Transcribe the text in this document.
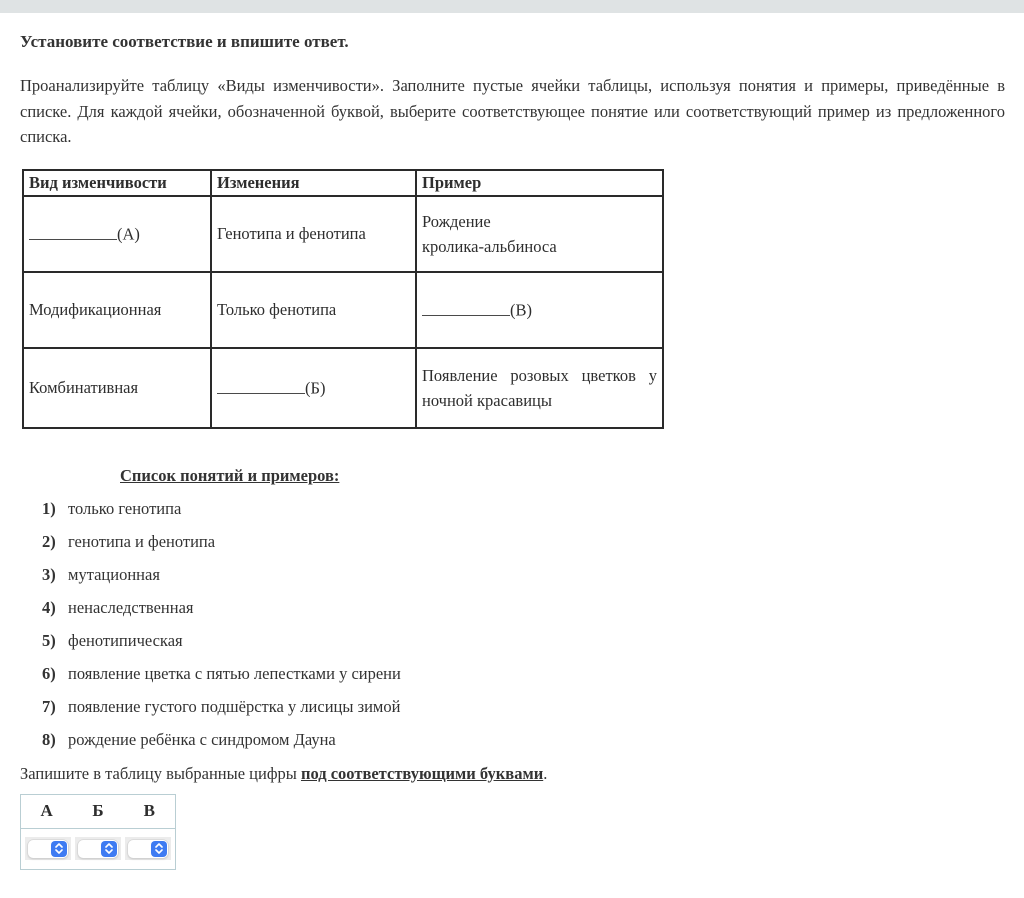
Установите соответствие и впишите ответ.

Проанализируйте таблицу «Виды изменчивости». Заполните пустые ячейки таблицы, используя понятия и примеры, приведённые в списке. Для каждой ячейки, обозначенной буквой, выберите соответствующее понятие или соответствующий пример из предложенного списка.

Вид изменчивости	Изменения	Пример
(А)	Генотипа и фенотипа	Рождение
кролика-альбиноса

Модификационная	Только фенотипа	(В)
Комбинативная	(Б)	Появление розовых цветков у ночной красавицы
Список понятий и примеров:
1) только генотипа
2) генотипа и фенотипа
3) мутационная
4) ненаследственная
5) фенотипическая
6) появление цветка с пятью лепестками у сирени
7) появление густого подшёрстка у лисицы зимой
8) рождение ребёнка с синдромом Дауна

Запишите в таблицу выбранные цифры под соответствующими буквами.

А	Б	В
